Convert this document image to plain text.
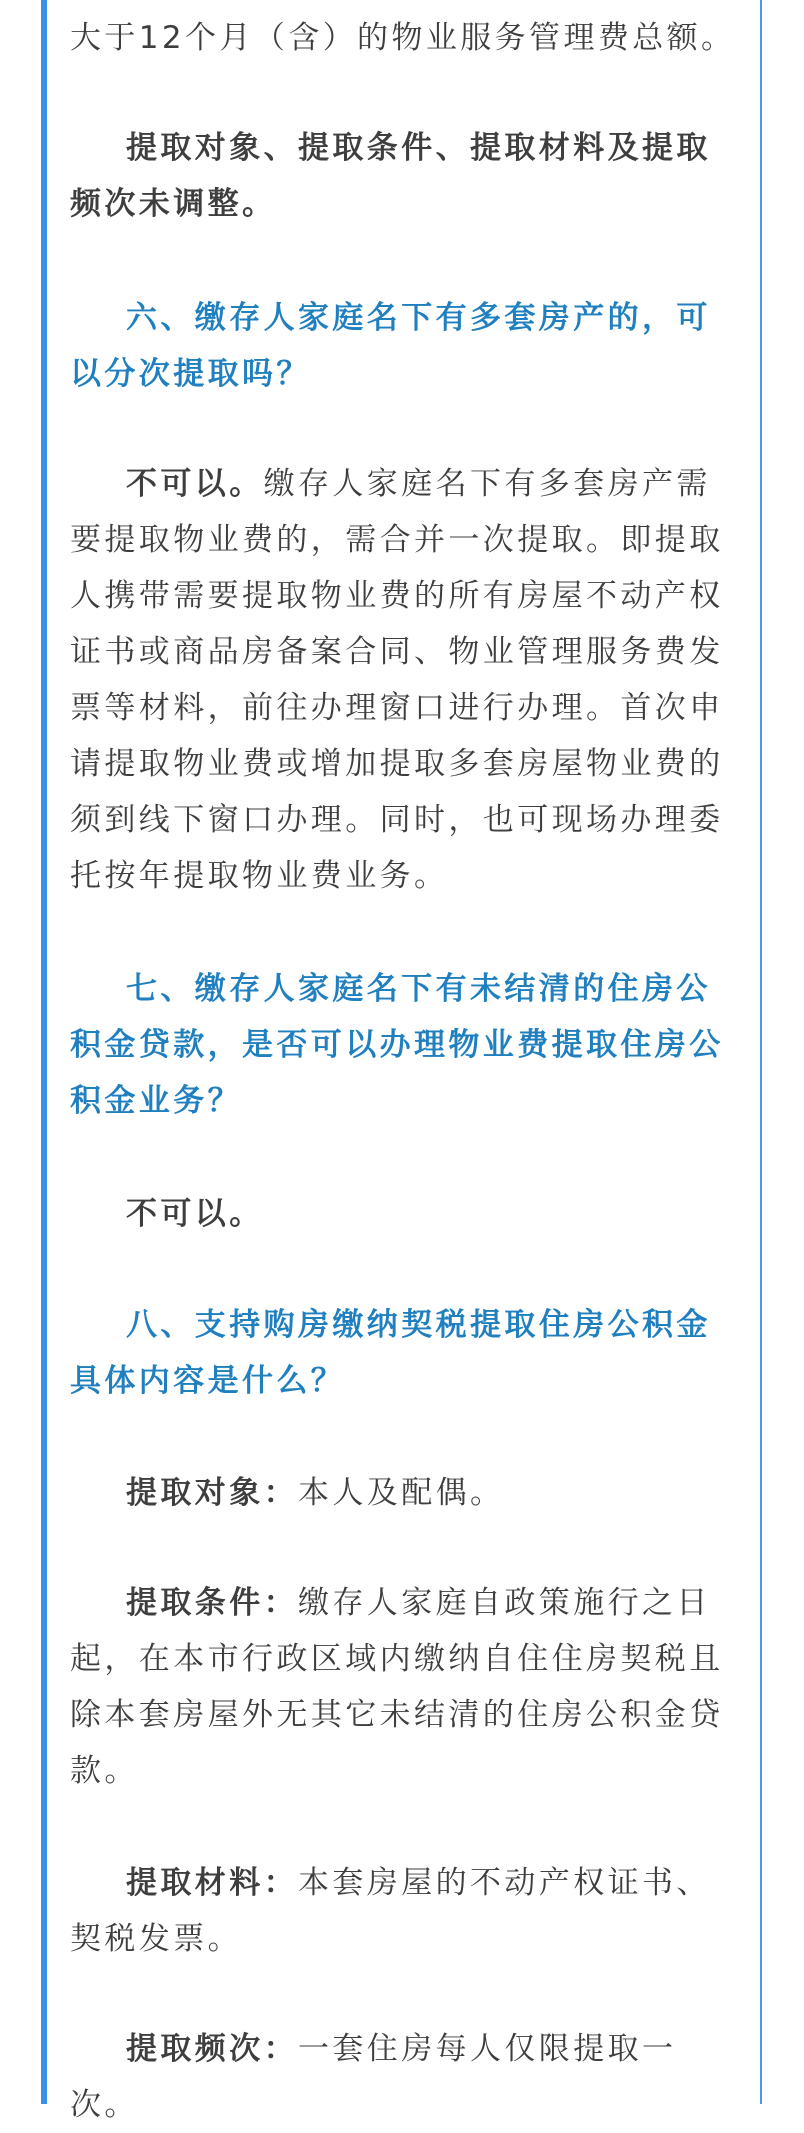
大于12个月（含）的物业服务管理费总额。

提取对象、提取条件、提取材料及提取频次未调整。

六、缴存人家庭名下有多套房产的，可以分次提取吗？

不可以。缴存人家庭名下有多套房产需要提取物业费的，需合并一次提取。即提取人携带需要提取物业费的所有房屋不动产权证书或商品房备案合同、物业管理服务费发票等材料，前往办理窗口进行办理。首次申请提取物业费或增加提取多套房屋物业费的须到线下窗口办理。同时，也可现场办理委托按年提取物业费业务。

七、缴存人家庭名下有未结清的住房公积金贷款，是否可以办理物业费提取住房公积金业务？

不可以。

八、支持购房缴纳契税提取住房公积金具体内容是什么？

提取对象：本人及配偶。

提取条件：缴存人家庭自政策施行之日起，在本市行政区域内缴纳自住住房契税且除本套房屋外无其它未结清的住房公积金贷款。

提取材料：本套房屋的不动产权证书、契税发票。

提取频次：一套住房每人仅限提取一次。
